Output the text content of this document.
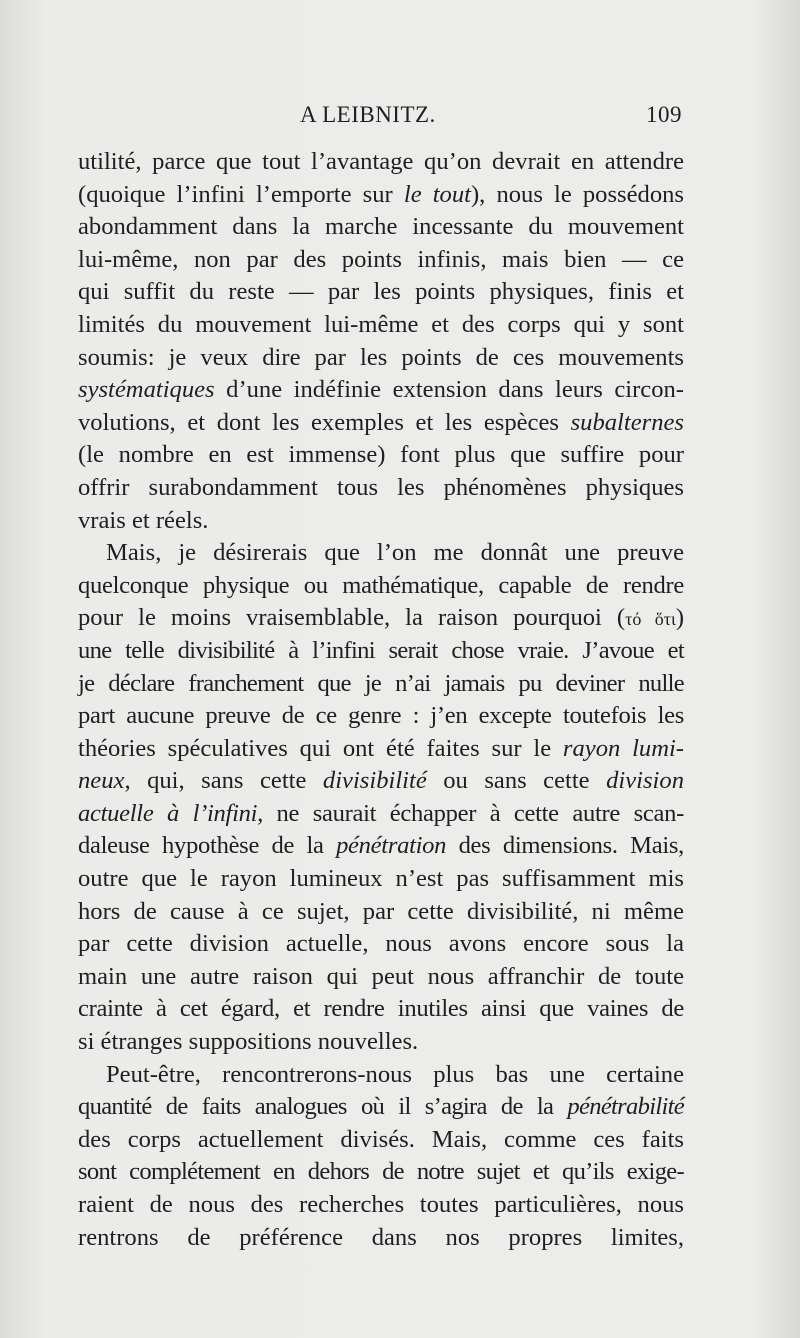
A LEIBNITZ.	109
utilité, parce que tout l’avantage qu’on devrait en attendre
(quoique l’infini l’emporte sur le tout), nous le possédons
abondamment dans la marche incessante du mouvement
lui-même, non par des points infinis, mais bien — ce
qui suffit du reste — par les points physiques, finis et
limités du mouvement lui-même et des corps qui y sont
soumis: je veux dire par les points de ces mouvements
systématiques d’une indéfinie extension dans leurs circon-
volutions, et dont les exemples et les espèces subalternes
(le nombre en est immense) font plus que suffire pour
offrir surabondamment tous les phénomènes physiques
vrais et réels.
Mais, je désirerais que l’on me donnât une preuve
quelconque physique ou mathématique, capable de rendre
pour le moins vraisemblable, la raison pourquoi (τό ὅτι)
une telle divisibilité à l’infini serait chose vraie. J’avoue et
je déclare franchement que je n’ai jamais pu deviner nulle
part aucune preuve de ce genre : j’en excepte toutefois les
théories spéculatives qui ont été faites sur le rayon lumi-
neux, qui, sans cette divisibilité ou sans cette division
actuelle à l’infini, ne saurait échapper à cette autre scan-
daleuse hypothèse de la pénétration des dimensions. Mais,
outre que le rayon lumineux n’est pas suffisamment mis
hors de cause à ce sujet, par cette divisibilité, ni même
par cette division actuelle, nous avons encore sous la
main une autre raison qui peut nous affranchir de toute
crainte à cet égard, et rendre inutiles ainsi que vaines de
si étranges suppositions nouvelles.
Peut-être, rencontrerons-nous plus bas une certaine
quantité de faits analogues où il s’agira de la pénétrabilité
des corps actuellement divisés. Mais, comme ces faits
sont complétement en dehors de notre sujet et qu’ils exige-
raient de nous des recherches toutes particulières, nous
rentrons de préférence dans nos propres limites,
